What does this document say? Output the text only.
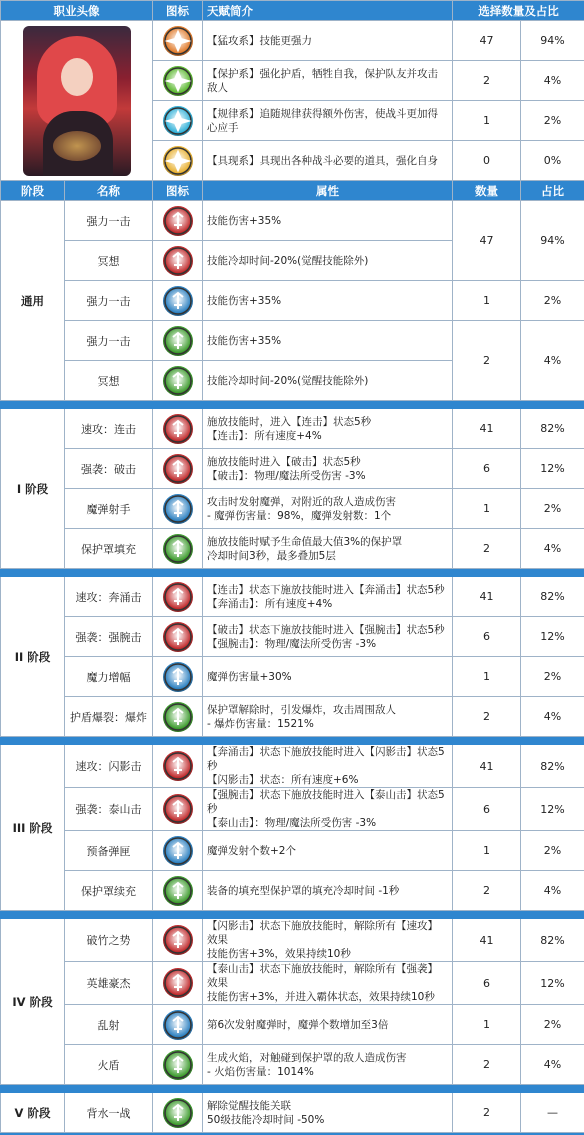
职业头像		图标	天赋简介	选择数量及占比	

	【猛攻系】技能更强力	47	94%

	【保护系】强化护盾，牺牲自我，保护队友并攻击敌人	2	4%

	【规律系】追随规律获得额外伤害，使战斗更加得心应手	1	2%

	【具现系】具现出各种战斗必要的道具，强化自身	0	0%
阶段	名称	图标	属性	数量	占比
通用	强力一击		技能伤害+35%	47	94%
	冥想		技能冷却时间-20%(觉醒技能除外)		

	强力一击		技能伤害+35%	1	2%
	强力一击		技能伤害+35%	2	4%
	冥想		技能冷却时间-20%(觉醒技能除外)		

I 阶段	速攻：连击		施放技能时，进入【连击】状态5秒
【连击】：所有速度+4%	41	82%
	强袭：破击		施放技能时进入【破击】状态5秒
【破击】：物理/魔法所受伤害 -3%	6	12%
	魔弹射手		攻击时发射魔弹，对附近的敌人造成伤害
- 魔弹伤害量：98%，魔弹发射数：1个	1	2%
	保护罩填充		施放技能时赋予生命值最大值3%的保护罩
冷却时间3秒，最多叠加5层	2	4%

II 阶段	速攻：奔涌击		【连击】状态下施放技能时进入【奔涌击】状态5秒
【奔涌击】：所有速度+4%	41	82%
	强袭：强腕击		【破击】状态下施放技能时进入【强腕击】状态5秒
【强腕击】：物理/魔法所受伤害 -3%	6	12%
	魔力增幅		魔弹伤害量+30%	1	2%
	护盾爆裂：爆炸		保护罩解除时，引发爆炸，攻击周围敌人
- 爆炸伤害量：1521%	2	4%

III 阶段	速攻：闪影击		【奔涌击】状态下施放技能时进入【闪影击】状态5秒
【闪影击】状态：所有速度+6%	41	82%
	强袭：泰山击		【强腕击】状态下施放技能时进入【泰山击】状态5秒
【泰山击】：物理/魔法所受伤害 -3%	6	12%
	预备弹匣		魔弹发射个数+2个	1	2%
	保护罩续充		装备的填充型保护罩的填充冷却时间 -1秒	2	4%

IV 阶段	破竹之势		【闪影击】状态下施放技能时，解除所有【速攻】效果
技能伤害+3%，效果持续10秒	41	82%
	英雄豪杰		【泰山击】状态下施放技能时，解除所有【强袭】效果
技能伤害+3%，并进入霸体状态，效果持续10秒	6	12%
	乱射		第6次发射魔弹时，魔弹个数增加至3倍	1	2%
	火盾		生成火焰，对触碰到保护罩的敌人造成伤害
- 火焰伤害量：1014%	2	4%

V 阶段	背水一战		解除觉醒技能关联
50级技能冷却时间 -50%	2	—
